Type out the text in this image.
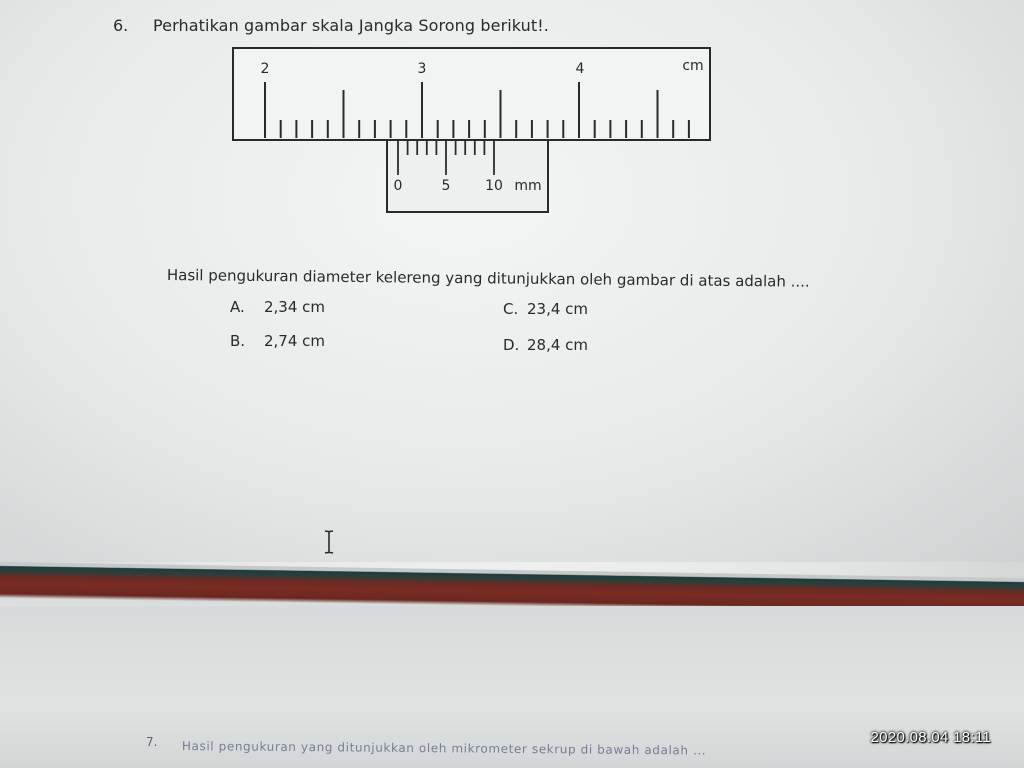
6. Perhatikan gambar skala Jangka Sorong berikut!.
2	3	4	cm
0	5 10 mm
Hasil pengukuran diameter kelereng yang ditunjukkan oleh gambar di atas adalah ....
A. 2,34 cm
B. 2,74 cm
C. 23,4 cm
D. 28,4 cm
7. Hasil pengukuran yang ditunjukkan oleh mikrometer sekrup di bawah adalah ...
2020.08.04 18:11
